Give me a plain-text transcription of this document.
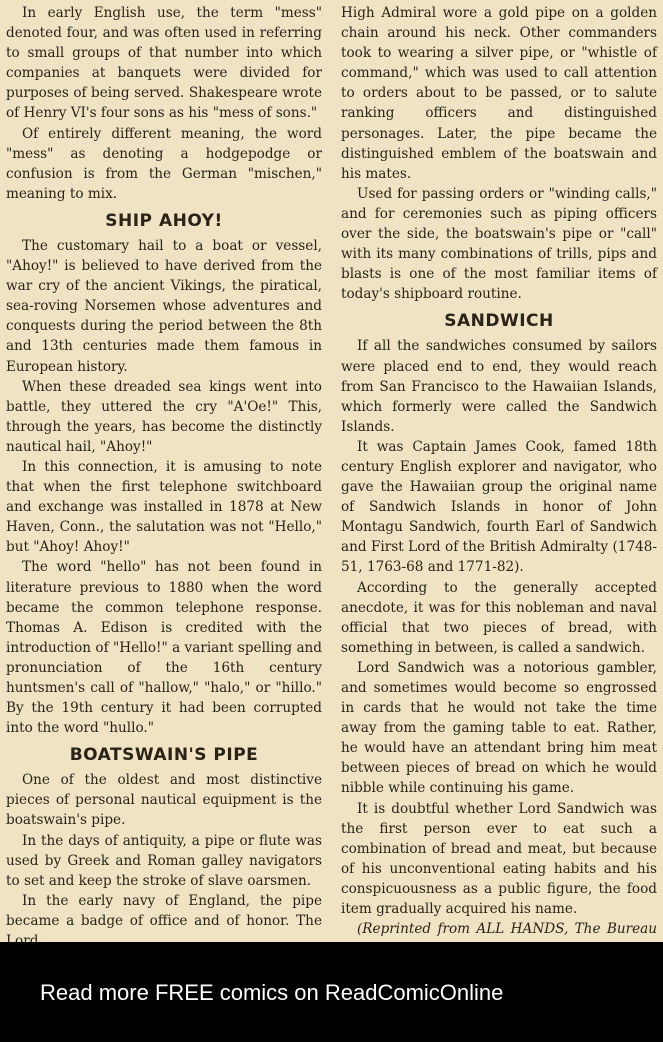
In early English use, the term "mess" denoted four, and was often used in referring to small groups of that number into which companies at banquets were divided for purposes of being served. Shakespeare wrote of Henry VI's four sons as his "mess of sons."

Of entirely different meaning, the word "mess" as denoting a hodgepodge or confusion is from the German "mischen," meaning to mix.

SHIP AHOY!

The customary hail to a boat or vessel, "Ahoy!" is believed to have derived from the war cry of the ancient Vikings, the piratical, sea-roving Norsemen whose adventures and conquests during the period between the 8th and 13th centuries made them famous in European history.

When these dreaded sea kings went into battle, they uttered the cry "A'Oe!" This, through the years, has become the distinctly nautical hail, "Ahoy!"

In this connection, it is amusing to note that when the first telephone switchboard and exchange was installed in 1878 at New Haven, Conn., the salutation was not "Hello," but "Ahoy! Ahoy!"

The word "hello" has not been found in literature previous to 1880 when the word became the common telephone response. Thomas A. Edison is credited with the introduction of "Hello!" a variant spelling and pronunciation of the 16th century huntsmen's call of "hallow," "halo," or "hillo." By the 19th century it had been corrupted into the word "hullo."

BOATSWAIN'S PIPE

One of the oldest and most distinctive pieces of personal nautical equipment is the boatswain's pipe.

In the days of antiquity, a pipe or flute was used by Greek and Roman galley navigators to set and keep the stroke of slave oarsmen.

In the early navy of England, the pipe became a badge of office and of honor. The

High Admiral wore a gold pipe on a golden chain around his neck. Other commanders took to wearing a silver pipe, or "whistle of command," which was used to call attention to orders about to be passed, or to salute ranking officers and distinguished personages. Later, the pipe became the distinguished emblem of the boatswain and his mates.

Used for passing orders or "winding calls," and for ceremonies such as piping officers over the side, the boatswain's pipe or "call" with its many combinations of trills, pips and blasts is one of the most familiar items of today's shipboard routine.

SANDWICH

If all the sandwiches consumed by sailors were placed end to end, they would reach from San Francisco to the Hawaiian Islands, which formerly were called the Sandwich Islands.

It was Captain James Cook, famed 18th century English explorer and navigator, who gave the Hawaiian group the original name of Sandwich Islands in honor of John Montagu Sandwich, fourth Earl of Sandwich and First Lord of the British Admiralty (1748-51, 1763-68 and 1771-82).

According to the generally accepted anecdote, it was for this nobleman and naval official that two pieces of bread, with something in between, is called a sandwich.

Lord Sandwich was a notorious gambler, and sometimes would become so engrossed in cards that he would not take the time away from the gaming table to eat. Rather, he would have an attendant bring him meat between pieces of bread on which he would nibble while continuing his game.

It is doubtful whether Lord Sandwich was the first person ever to eat such a combination of bread and meat, but because of his unconventional eating habits and his conspicuousness as a public figure, the food item gradually acquired his name.

(Reprinted from ALL HANDS, The Bureau

Read more FREE comics on ReadComicOnline
